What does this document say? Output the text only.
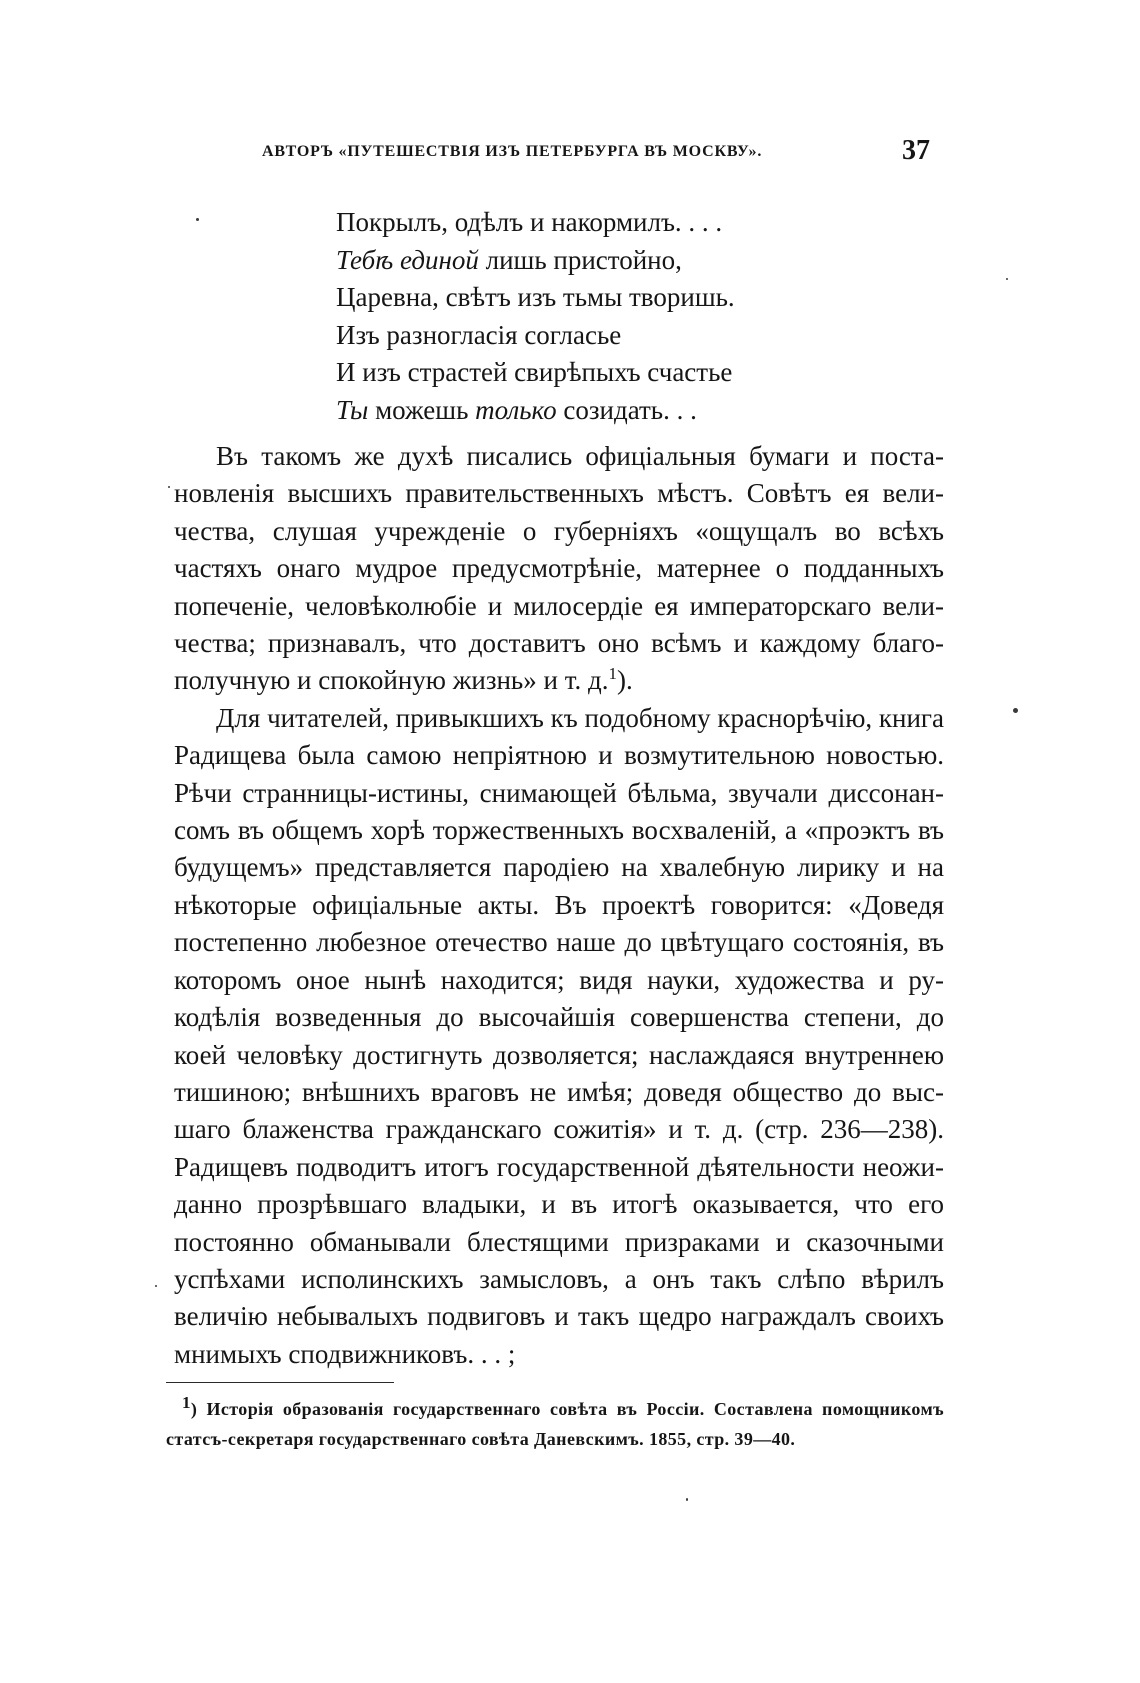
АВТОРЪ «ПУТЕШЕСТВІЯ ИЗЪ ПЕТЕРБУРГА ВЪ МОСКВУ».	37
Покрылъ, одѣлъ и накормилъ. . . .
Тебѣ единой лишь пристойно,
Царевна, свѣтъ изъ тьмы творишь.
Изъ разногласія согласье
И изъ страстей свирѣпыхъ счастье
Ты можешь только созидать. . .

Въ такомъ же духѣ писались офиціальныя бумаги и постановленія высшихъ правительственныхъ мѣстъ. Совѣтъ ея величества, слушая учрежденіе о губерніяхъ «ощущалъ во всѣхъ частяхъ онаго мудрое предусмотрѣніе, матернее о подданныхъ попеченіе, человѣколюбіе и милосердіе ея императорскаго величества; признавалъ, что доставитъ оно всѣмъ и каждому благополучную и спокойную жизнь» и т. д.$^1$).

Для читателей, привыкшихъ къ подобному краснорѣчію, книга Радищева была самою непріятною и возмутительною новостью. Рѣчи странницы-истины, снимающей бѣльма, звучали диссонансомъ въ общемъ хорѣ торжественныхъ восхваленій, а «проэктъ въ будущемъ» представляется пародіею на хвалебную лирику и на нѣкоторые офиціальные акты. Въ проектѣ говорится: «Доведя постепенно любезное отечество наше до цвѣтущаго состоянія, въ которомъ оное нынѣ находится; видя науки, художества и рукодѣлія возведенныя до высочайшія совершенства степени, до коей человѣку достигнуть дозволяется; наслаждаяся внутреннею тишиною; внѣшнихъ враговъ не имѣя; доведя общество до высшаго блаженства гражданскаго сожитія» и т. д. (стр. 236—238). Радищевъ подводитъ итогъ государственной дѣятельности неожиданно прозрѣвшаго владыки, и въ итогѣ оказывается, что его постоянно обманывали блестящими призраками и сказочными успѣхами исполинскихъ замысловъ, а онъ такъ слѣпо вѣрилъ величію небывалыхъ подвиговъ и такъ щедро награждалъ своихъ мнимыхъ сподвижниковъ. . . ;

$^1$) Исторія образованія государственнаго совѣта въ Россіи. Составлена помощникомъ статсъ-секретаря государственнаго совѣта Даневскимъ. 1855, стр. 39—40.
